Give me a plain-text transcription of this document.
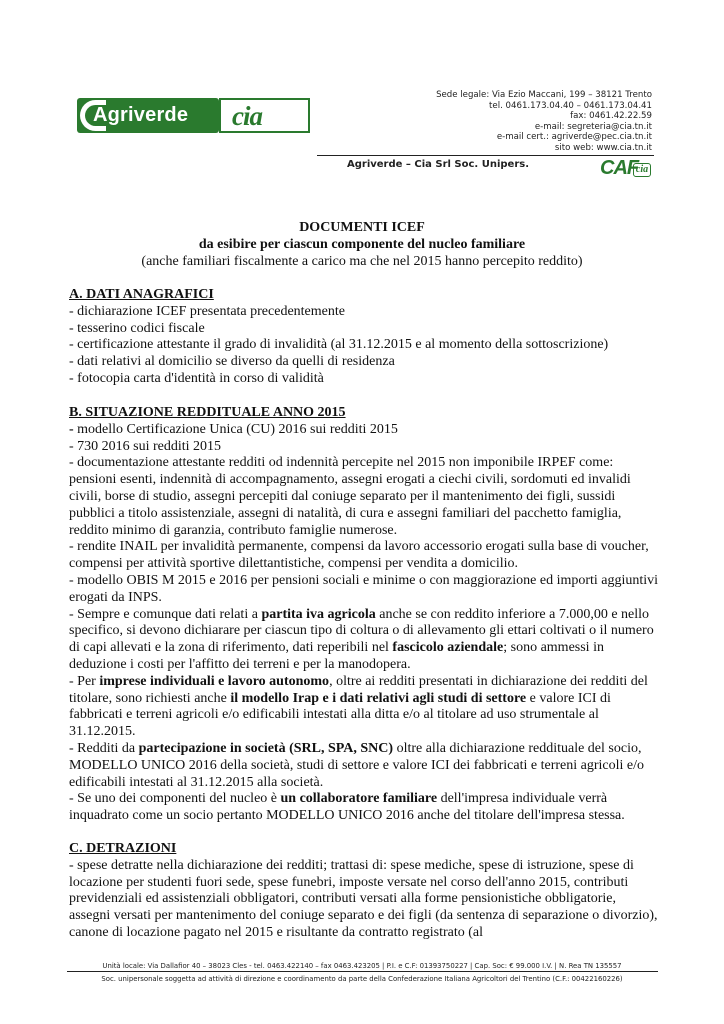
Agriverde cia
Sede legale: Via Ezio Maccani, 199 – 38121 Trento
tel. 0461.173.04.40 – 0461.173.04.41
fax: 0461.42.22.59
e-mail: segreteria@cia.tn.it
e-mail cert.: agriverde@pec.cia.tn.it
sito web: www.cia.tn.it
Agriverde – Cia Srl Soc. Unipers.	CAF
cia
DOCUMENTI ICEF
da esibire per ciascun componente del nucleo familiare
(anche familiari fiscalmente a carico ma che nel 2015 hanno percepito reddito)

A. DATI ANAGRAFICI

- dichiarazione ICEF presentata precedentemente

- tesserino codici fiscale

- certificazione attestante il grado di invalidità (al 31.12.2015 e al momento della sottoscrizione)

- dati relativi al domicilio se diverso da quelli di residenza

- fotocopia carta d'identità in corso di validità

B. SITUAZIONE REDDITUALE ANNO 2015

- modello Certificazione Unica (CU) 2016 sui redditi 2015

- 730 2016 sui redditi 2015

- documentazione attestante redditi od indennità percepite nel 2015 non imponibile IRPEF come: pensioni esenti, indennità di accompagnamento, assegni erogati a ciechi civili, sordomuti ed invalidi civili, borse di studio, assegni percepiti dal coniuge separato per il mantenimento dei figli, sussidi pubblici a titolo assistenziale, assegni di natalità, di cura e assegni familiari del pacchetto famiglia, reddito minimo di garanzia, contributo famiglie numerose.

- rendite INAIL per invalidità permanente, compensi da lavoro accessorio erogati sulla base di voucher, compensi per attività sportive dilettantistiche, compensi per vendita a domicilio.

- modello OBIS M 2015 e 2016 per pensioni sociali e minime o con maggiorazione ed importi aggiuntivi erogati da INPS.

- Sempre e comunque dati relati a partita iva agricola anche se con reddito inferiore a 7.000,00 e nello specifico, si devono dichiarare per ciascun tipo di coltura o di allevamento gli ettari coltivati o il numero di capi allevati e la zona di riferimento, dati reperibili nel fascicolo aziendale; sono ammessi in deduzione i costi per l'affitto dei terreni e per la manodopera.

- Per imprese individuali e lavoro autonomo, oltre ai redditi presentati in dichiarazione dei redditi del titolare, sono richiesti anche il modello Irap e i dati relativi agli studi di settore e valore ICI di fabbricati e terreni agricoli e/o edificabili intestati alla ditta e/o al titolare ad uso strumentale al 31.12.2015.

- Redditi da partecipazione in società (SRL, SPA, SNC) oltre alla dichiarazione reddituale del socio, MODELLO UNICO 2016 della società, studi di settore e valore ICI dei fabbricati e terreni agricoli e/o edificabili intestati al 31.12.2015 alla società.

- Se uno dei componenti del nucleo è un collaboratore familiare dell'impresa individuale verrà inquadrato come un socio pertanto MODELLO UNICO 2016 anche del titolare dell'impresa stessa.

C. DETRAZIONI

- spese detratte nella dichiarazione dei redditi; trattasi di: spese mediche, spese di istruzione, spese di locazione per studenti fuori sede, spese funebri, imposte versate nel corso dell'anno 2015, contributi previdenziali ed assistenziali obbligatori, contributi versati alla forme pensionistiche obbligatorie, assegni versati per mantenimento del coniuge separato e dei figli (da sentenza di separazione o divorzio), canone di locazione pagato nel 2015 e risultante da contratto registrato (al

Unità locale: Via Dallafior 40 – 38023 Cles - tel. 0463.422140 – fax 0463.423205 | P.I. e C.F: 01393750227 | Cap. Soc: € 99.000 I.V. | N. Rea TN 135557
Soc. unipersonale soggetta ad attività di direzione e coordinamento da parte della Confederazione Italiana Agricoltori del Trentino (C.F.: 00422160226)
